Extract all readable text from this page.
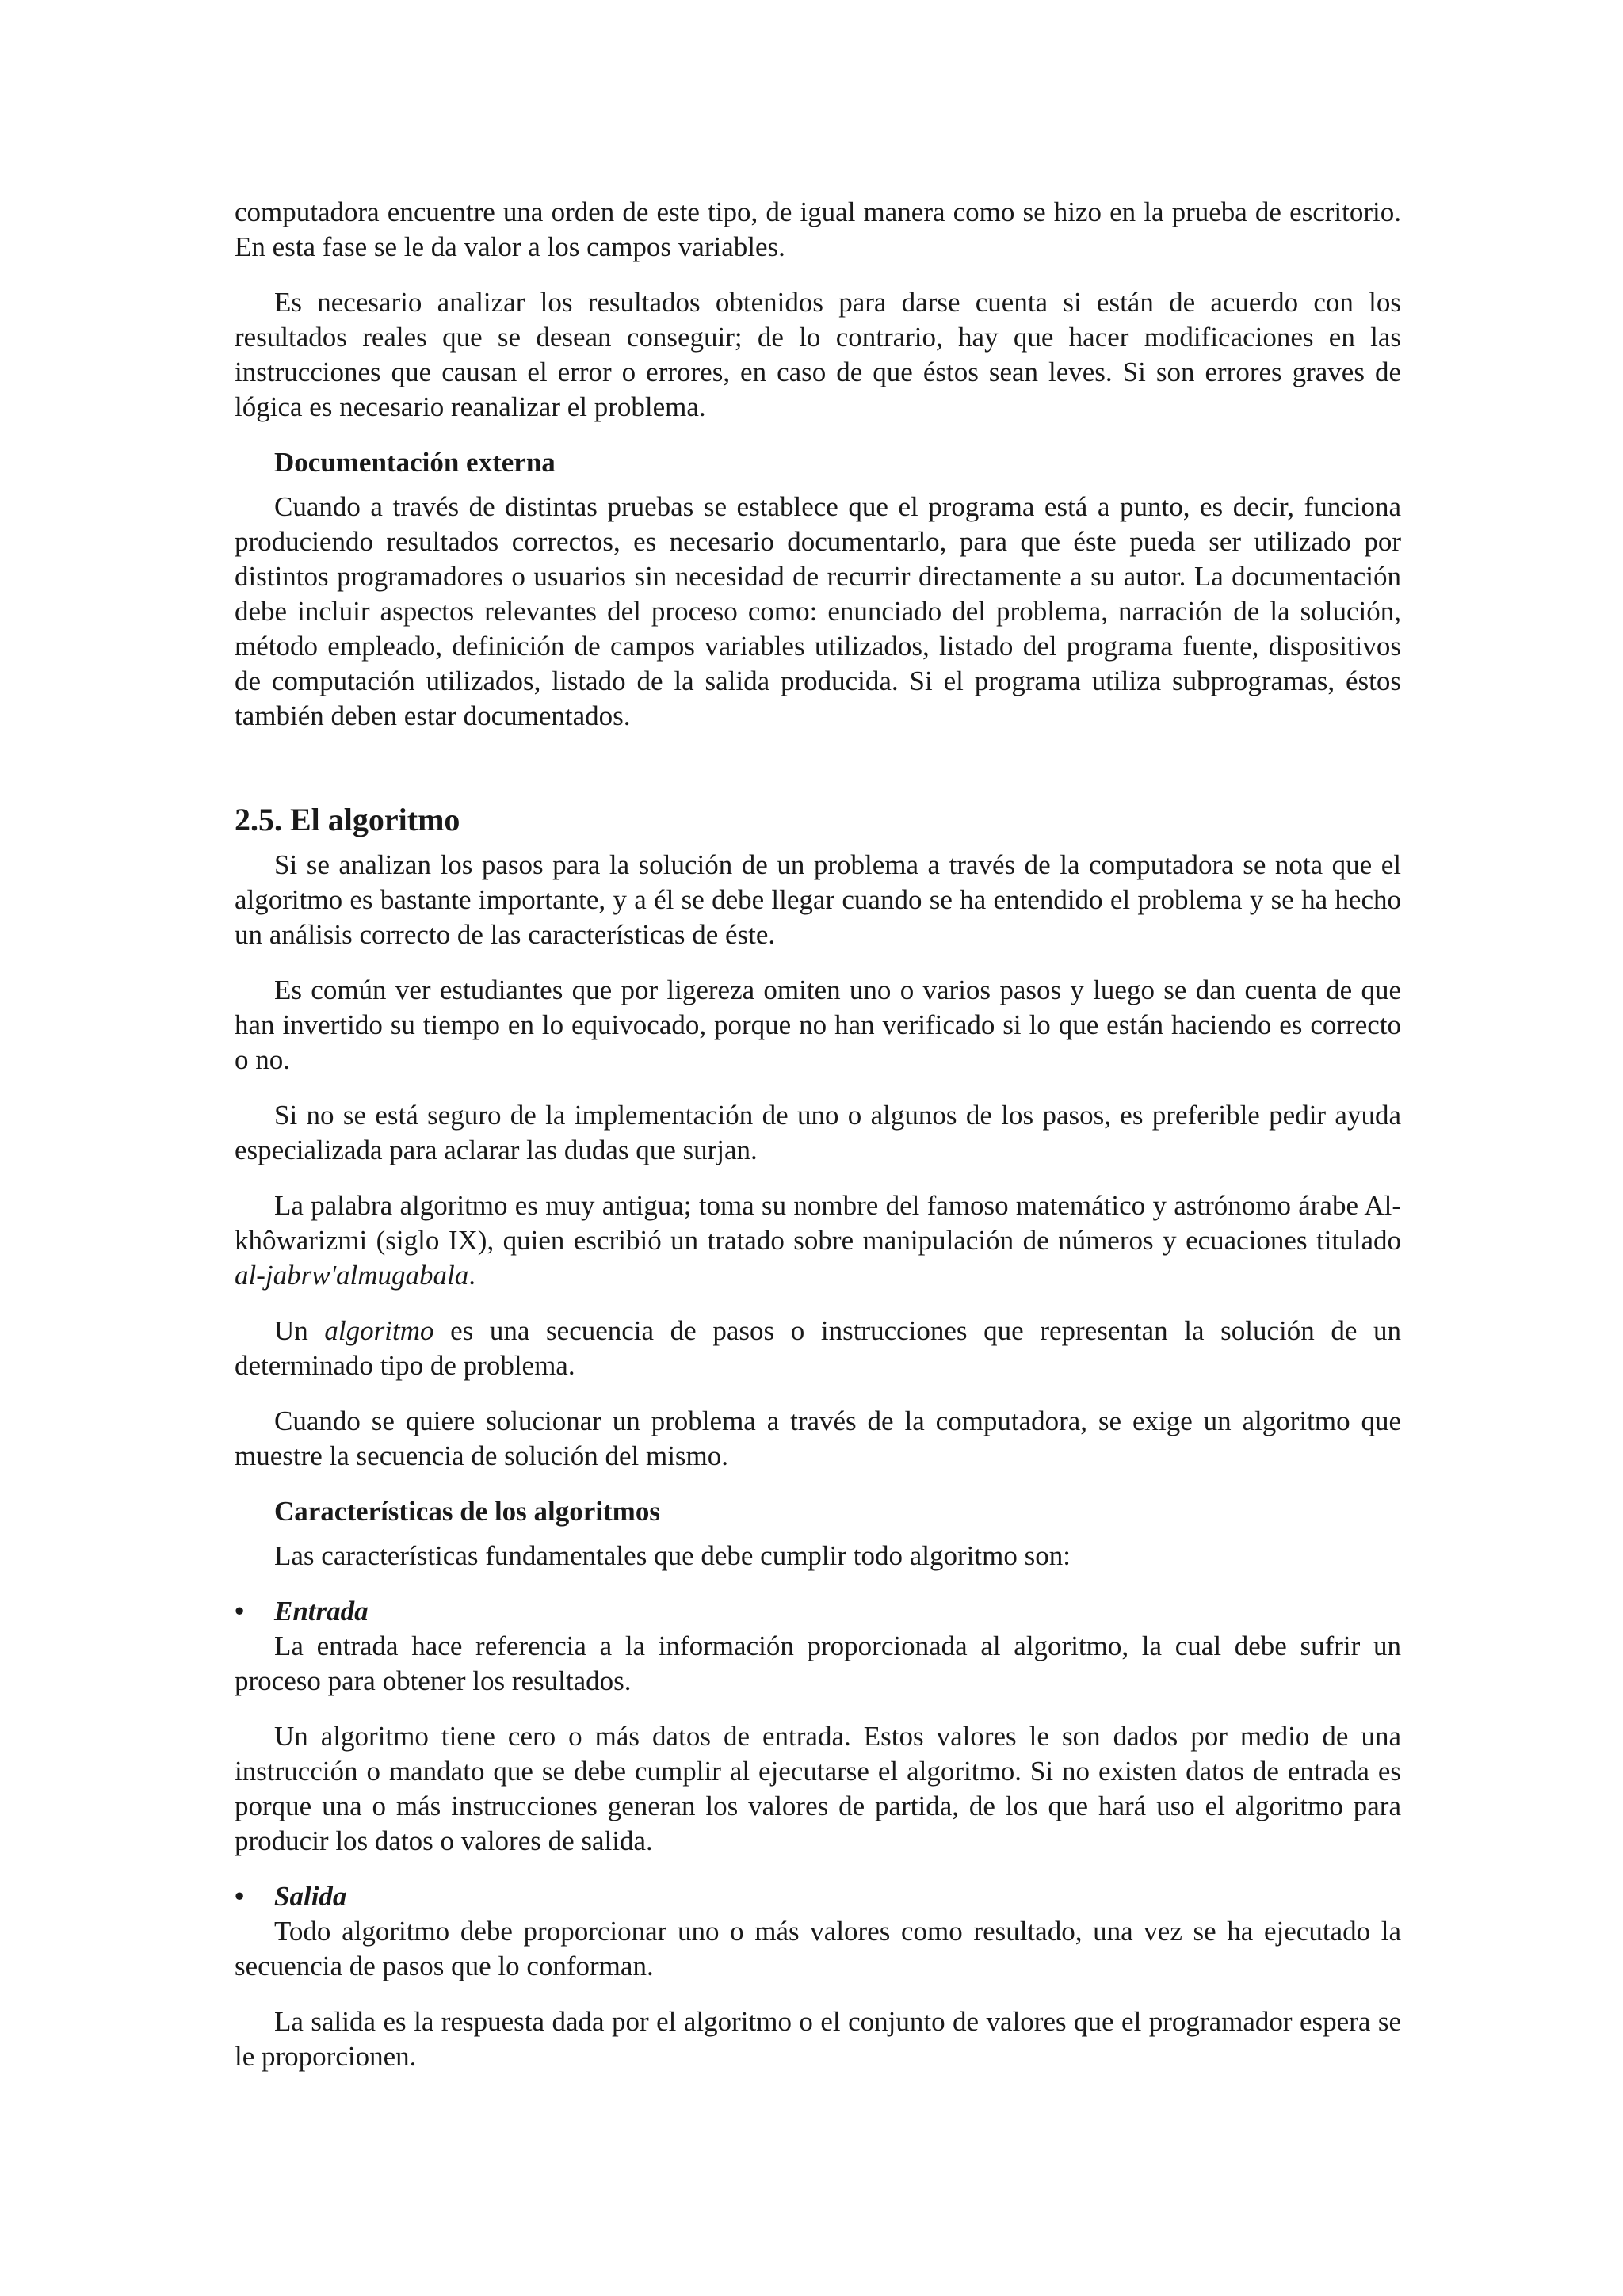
computadora encuentre una orden de este tipo, de igual manera como se hizo en la prueba de escritorio. En esta fase se le da valor a los campos variables.

Es necesario analizar los resultados obtenidos para darse cuenta si están de acuerdo con los resultados reales que se desean conseguir; de lo contrario, hay que hacer modificaciones en las instrucciones que causan el error o errores, en caso de que éstos sean leves. Si son errores graves de lógica es necesario reanalizar el problema.

Documentación externa

Cuando a través de distintas pruebas se establece que el programa está a punto, es decir, funciona produciendo resultados correctos, es necesario documentarlo, para que éste pueda ser utilizado por distintos programadores o usuarios sin necesidad de recurrir directamente a su autor. La documentación debe incluir aspectos relevantes del proceso como: enunciado del problema, narración de la solución, método empleado, definición de campos variables utilizados, listado del programa fuente, dispositivos de computación utilizados, listado de la salida producida. Si el programa utiliza subprogramas, éstos también deben estar documentados.

2.5. El algoritmo

Si se analizan los pasos para la solución de un problema a través de la computadora se nota que el algoritmo es bastante importante, y a él se debe llegar cuando se ha entendido el problema y se ha hecho un análisis correcto de las características de éste.

Es común ver estudiantes que por ligereza omiten uno o varios pasos y luego se dan cuenta de que han invertido su tiempo en lo equivocado, porque no han verificado si lo que están haciendo es correcto o no.

Si no se está seguro de la implementación de uno o algunos de los pasos, es preferible pedir ayuda especializada para aclarar las dudas que surjan.

La palabra algoritmo es muy antigua; toma su nombre del famoso matemático y astrónomo árabe Al-khôwarizmi (siglo IX), quien escribió un tratado sobre manipulación de números y ecuaciones titulado al-jabrw'almugabala.

Un algoritmo es una secuencia de pasos o instrucciones que representan la solución de un determinado tipo de problema.

Cuando se quiere solucionar un problema a través de la computadora, se exige un algoritmo que muestre la secuencia de solución del mismo.

Características de los algoritmos

Las características fundamentales que debe cumplir todo algoritmo son:

•	Entrada

La entrada hace referencia a la información proporcionada al algoritmo, la cual debe sufrir un proceso para obtener los resultados.

Un algoritmo tiene cero o más datos de entrada. Estos valores le son dados por medio de una instrucción o mandato que se debe cumplir al ejecutarse el algoritmo. Si no existen datos de entrada es porque una o más instrucciones generan los valores de partida, de los que hará uso el algoritmo para producir los datos o valores de salida.

•	Salida

Todo algoritmo debe proporcionar uno o más valores como resultado, una vez se ha ejecutado la secuencia de pasos que lo conforman.

La salida es la respuesta dada por el algoritmo o el conjunto de valores que el programador espera se le proporcionen.
